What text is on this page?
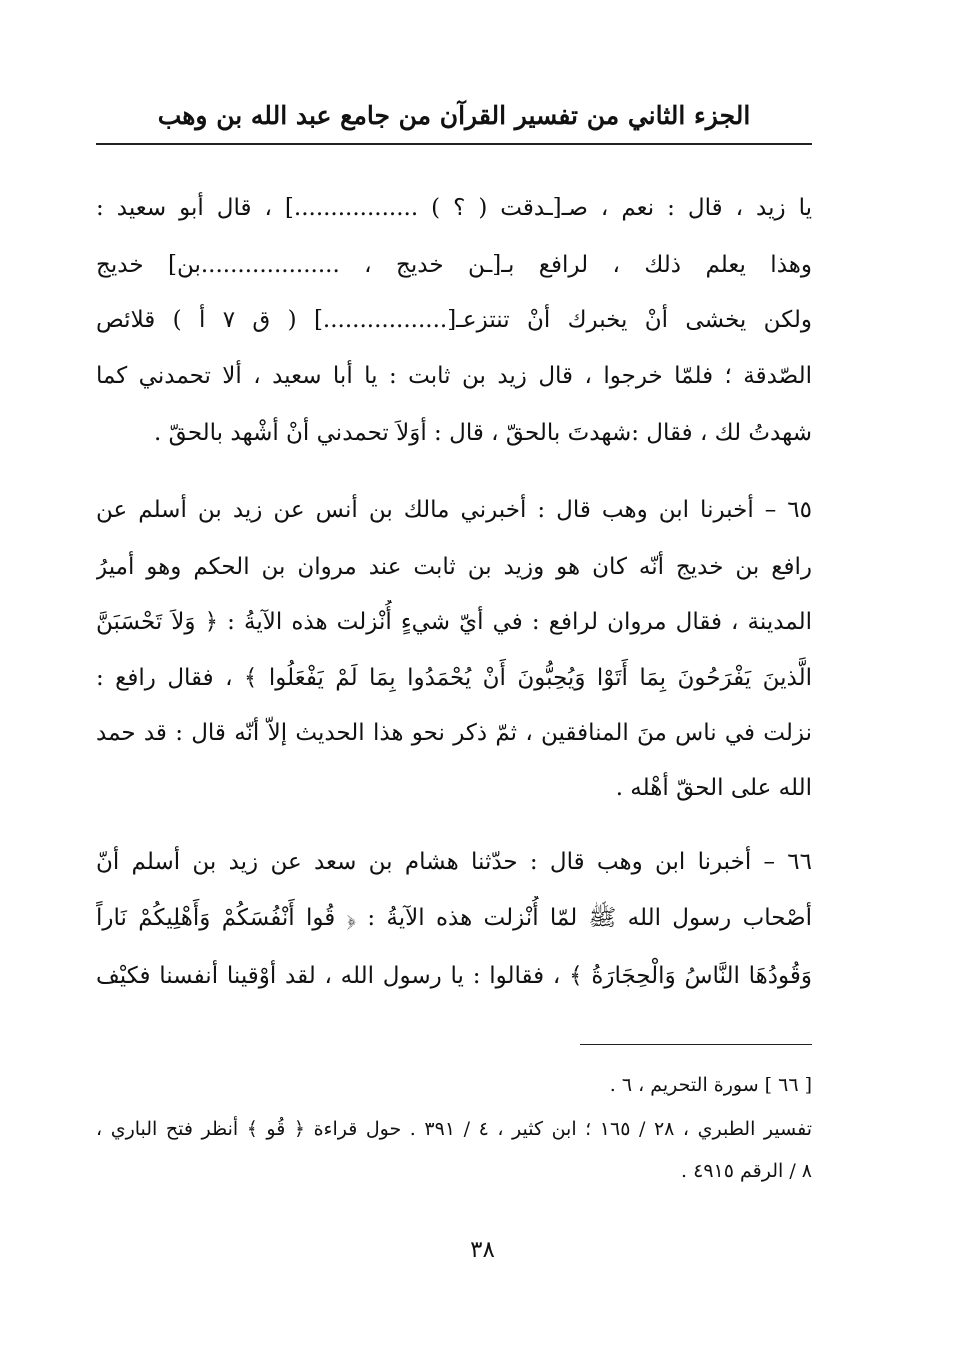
الجزء الثاني من تفسير القرآن من جامع عبد الله بن وهب
يا زيد ، قال : نعم ، صـ[ـدقت ( ؟ ) .................] ، قال أبو سعيد :
وهذا يعلم ذلك ، لرافع بـ[ـن خديج ، ...................بن] خديج
ولكن يخشى أنْ يخبرك أنْ تنتزعـ[.................] ( ق ٧ أ ) قلائص
الصّدقة ؛ فلمّا خرجوا ، قال زيد بن ثابت : يا أبا سعيد ، ألا تحمدني كما
شهدتُ لك ، فقال :شهدتَ بالحقّ ، قال : أوَلاَ تحمدني أنْ أشْهد بالحقّ .
٦٥ – أخبرنا ابن وهب قال : أخبرني مالك بن أنس عن زيد بن أسلم عن
رافع بن خديج أنّه كان هو وزيد بن ثابت عند مروان بن الحكم وهو أميرُ
المدينة ، فقال مروان لرافع : في أيّ شيءٍ أُنْزلت هذه الآيةُ : ﴿ وَلاَ تَحْسَبَنَّ
الَّذينَ يَفْرَحُونَ بِمَا أَتَوْا وَيُحِبُّونَ أَنْ يُحْمَدُوا بِمَا لَمْ يَفْعَلُوا ﴾ ، فقال رافع :
نزلت في ناس منَ المنافقين ، ثمّ ذكر نحو هذا الحديث إلاّ أنّه قال : قد حمد
الله على الحقّ أهْله .
٦٦ – أخبرنا ابن وهب قال : حدّثنا هشام بن سعد عن زيد بن أسلم أنّ
أصْحاب رسول الله ﷺ لمّا أُنْزلت هذه الآيةُ : ﴿ قُوا أَنْفُسَكُمْ وَأَهْلِيكُمْ نَاراً
وَقُودُهَا النَّاسُ وَالْحِجَارَةُ ﴾ ، فقالوا : يا رسول الله ، لقد أوْقينا أنفسنا فكيْف
[ ٦٦ ] سورة التحريم ، ٦ .
تفسير الطبري ، ٢٨ / ١٦٥ ؛ ابن كثير ، ٤ / ٣٩١ . حول قراءة ﴿ قُو ﴾ أنظر فتح الباري ،
٨ / الرقم ٤٩١٥ .
٣٨
